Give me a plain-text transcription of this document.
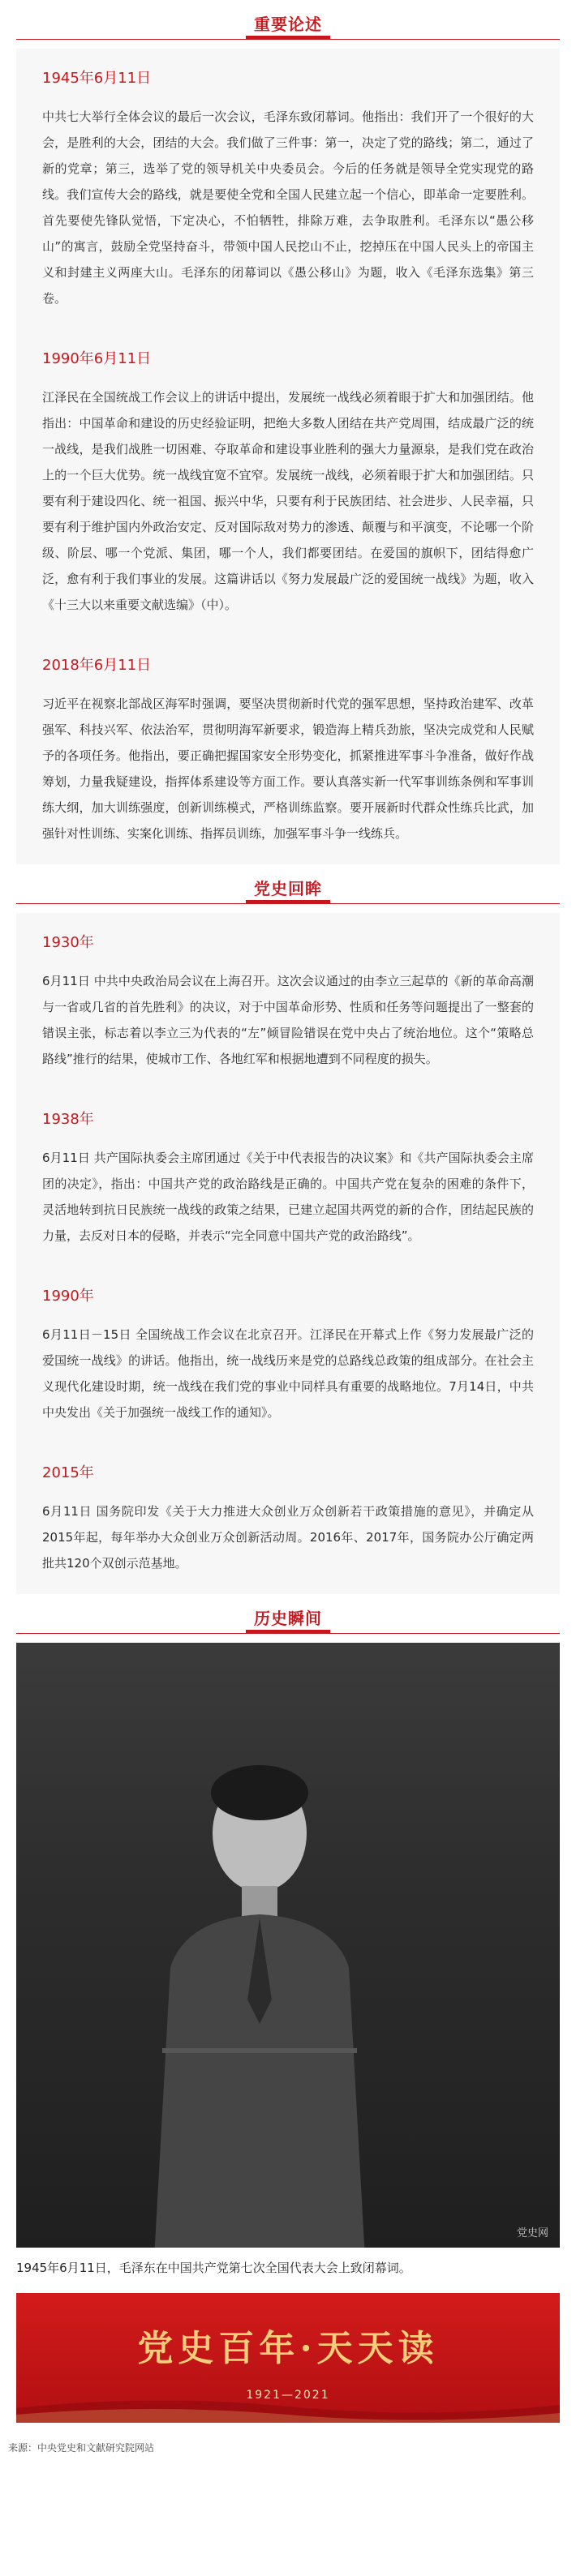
重要论述
1945年6月11日
中共七大举行全体会议的最后一次会议，毛泽东致闭幕词。他指出：我们开了一个很好的大会，是胜利的大会，团结的大会。我们做了三件事：第一，决定了党的路线；第二，通过了新的党章；第三，选举了党的领导机关中央委员会。今后的任务就是领导全党实现党的路线。我们宣传大会的路线，就是要使全党和全国人民建立起一个信心，即革命一定要胜利。首先要使先锋队觉悟，下定决心，不怕牺牲，排除万难，去争取胜利。毛泽东以“愚公移山”的寓言，鼓励全党坚持奋斗，带领中国人民挖山不止，挖掉压在中国人民头上的帝国主义和封建主义两座大山。毛泽东的闭幕词以《愚公移山》为题，收入《毛泽东选集》第三卷。
1990年6月11日
江泽民在全国统战工作会议上的讲话中提出，发展统一战线必须着眼于扩大和加强团结。他指出：中国革命和建设的历史经验证明，把绝大多数人团结在共产党周围，结成最广泛的统一战线，是我们战胜一切困难、夺取革命和建设事业胜利的强大力量源泉，是我们党在政治上的一个巨大优势。统一战线宜宽不宜窄。发展统一战线，必须着眼于扩大和加强团结。只要有利于建设四化、统一祖国、振兴中华，只要有利于民族团结、社会进步、人民幸福，只要有利于维护国内外政治安定、反对国际敌对势力的渗透、颠覆与和平演变，不论哪一个阶级、阶层、哪一个党派、集团，哪一个人，我们都要团结。在爱国的旗帜下，团结得愈广泛，愈有利于我们事业的发展。这篇讲话以《努力发展最广泛的爱国统一战线》为题，收入《十三大以来重要文献选编》（中）。
2018年6月11日
习近平在视察北部战区海军时强调，要坚决贯彻新时代党的强军思想，坚持政治建军、改革强军、科技兴军、依法治军，贯彻明海军新要求，锻造海上精兵劲旅，坚决完成党和人民赋予的各项任务。他指出，要正确把握国家安全形势变化，抓紧推进军事斗争准备，做好作战筹划，力量我疑建设，指挥体系建设等方面工作。要认真落实新一代军事训练条例和军事训练大纲，加大训练强度，创新训练模式，严格训练监察。要开展新时代群众性练兵比武，加强针对性训练、实案化训练、指挥员训练，加强军事斗争一线练兵。
党史回眸
1930年
6月11日 中共中央政治局会议在上海召开。这次会议通过的由李立三起草的《新的革命高潮与一省或几省的首先胜利》的决议，对于中国革命形势、性质和任务等问题提出了一整套的错误主张，标志着以李立三为代表的“左”倾冒险错误在党中央占了统治地位。这个“策略总路线”推行的结果，使城市工作、各地红军和根据地遭到不同程度的损失。
1938年
6月11日 共产国际执委会主席团通过《关于中代表报告的决议案》和《共产国际执委会主席团的决定》，指出：中国共产党的政治路线是正确的。中国共产党在复杂的困难的条件下，灵活地转到抗日民族统一战线的政策之结果，已建立起国共两党的新的合作，团结起民族的力量，去反对日本的侵略，并表示“完全同意中国共产党的政治路线”。
1990年
6月11日－15日 全国统战工作会议在北京召开。江泽民在开幕式上作《努力发展最广泛的爱国统一战线》的讲话。他指出，统一战线历来是党的总路线总政策的组成部分。在社会主义现代化建设时期，统一战线在我们党的事业中同样具有重要的战略地位。7月14日，中共中央发出《关于加强统一战线工作的通知》。
2015年
6月11日 国务院印发《关于大力推进大众创业万众创新若干政策措施的意见》，并确定从2015年起，每年举办大众创业万众创新活动周。2016年、2017年，国务院办公厅确定两批共120个双创示范基地。
历史瞬间
党史网
1945年6月11日，毛泽东在中国共产党第七次全国代表大会上致闭幕词。
党史百年·天天读
1921—2021
来源：中央党史和文献研究院网站
